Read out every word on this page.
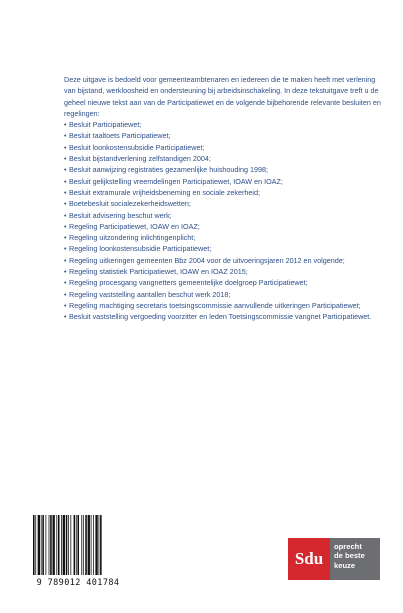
Deze uitgave is bedoeld voor gemeenteambtenaren en iedereen die te maken heeft met verlening van bijstand, werkloosheid en ondersteuning bij arbeidsinschakeling. In deze tekstuitgave treft u de geheel nieuwe tekst aan van de Participatiewet en de volgende bijbehorende relevante besluiten en regelingen:

• Besluit Participatiewet;
• Besluit taaltoets Participatiewet;
• Besluit loonkostensubsidie Participatiewet;
• Besluit bijstandverlening zelfstandigen 2004;
• Besluit aanwijzing registraties gezamenlijke huishouding 1998;
• Besluit gelijkstelling vreemdelingen Participatiewet, IOAW en IOAZ;
• Besluit extramurale vrijheidsbeneming en sociale zekerheid;
• Boetebesluit socialezekerheidswetten;
• Besluit advisering beschut werk;
• Regeling Participatiewet, IOAW en IOAZ;
• Regeling uitzondering inlichtingenplicht;
• Regeling loonkostensubsidie Participatiewet;
• Regeling uitkeringen gemeenten Bbz 2004 voor de uitvoeringsjaren 2012 en volgende;
• Regeling statistiek Participatiewet, IOAW en IOAZ 2015;
• Regeling procesgang vangnetters gemeentelijke doelgroep Participatiewet;
• Regeling vaststelling aantallen beschut werk 2018;
• Regeling machtiging secretaris toetsingscommissie aanvullende uitkeringen Participatiewet;
• Besluit vaststelling vergoeding voorzitter en leden Toetsingscommissie vangnet Participatiewet.
9 789012 401784
Sdu
oprecht
de beste
keuze
